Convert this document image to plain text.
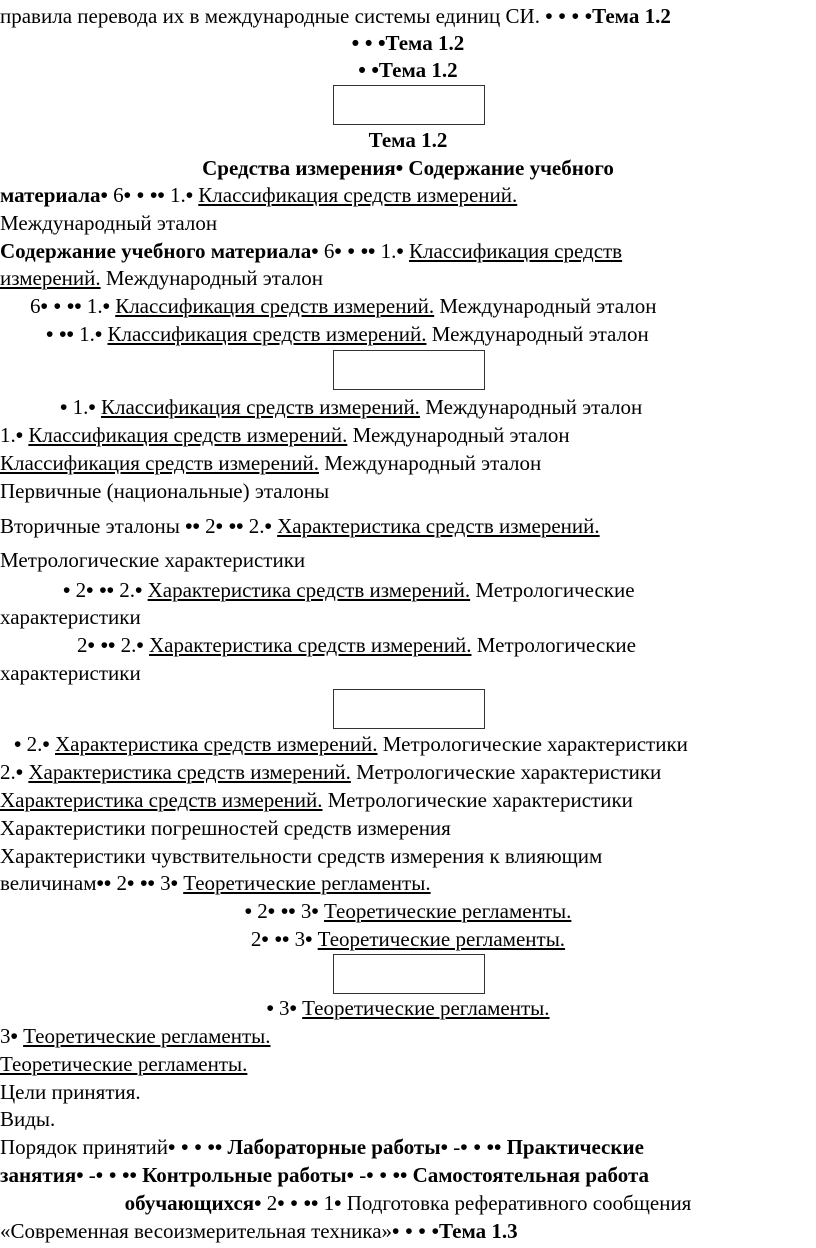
правила перевода их в международные системы единиц СИ. • • • •Тема 1.2

• • •Тема 1.2

• •Тема 1.2

Тема 1.2

Средства измерения• Содержание учебного

материала• 6• • •• 1.• Классификация средств измерений.

Международный эталон

Содержание учебного материала• 6• • •• 1.• Классификация средств

измерений. Международный эталон

6• • •• 1.• Классификация средств измерений. Международный эталон

• •• 1.• Классификация средств измерений. Международный эталон

• 1.• Классификация средств измерений. Международный эталон

1.• Классификация средств измерений. Международный эталон

Классификация средств измерений. Международный эталон

Первичные (национальные) эталоны

Вторичные эталоны •• 2• •• 2.• Характеристика средств измерений.

Метрологические характеристики

• 2• •• 2.• Характеристика средств измерений. Метрологические

характеристики

2• •• 2.• Характеристика средств измерений. Метрологические

характеристики

• 2.• Характеристика средств измерений. Метрологические характеристики

2.• Характеристика средств измерений. Метрологические характеристики

Характеристика средств измерений. Метрологические характеристики

Характеристики погрешностей средств измерения

Характеристики чувствительности средств измерения к влияющим

величинам•• 2• •• 3• Теоретические регламенты.

• 2• •• 3• Теоретические регламенты.

2• •• 3• Теоретические регламенты.

• 3• Теоретические регламенты.

3• Теоретические регламенты.

Теоретические регламенты.

Цели принятия.

Виды.

Порядок принятий• • • •• Лабораторные работы• -• • •• Практические

занятия• -• • •• Контрольные работы• -• • •• Самостоятельная работа

обучающихся• 2• • •• 1• Подготовка реферативного сообщения

«Современная весоизмерительная техника»• • • •Тема 1.3
